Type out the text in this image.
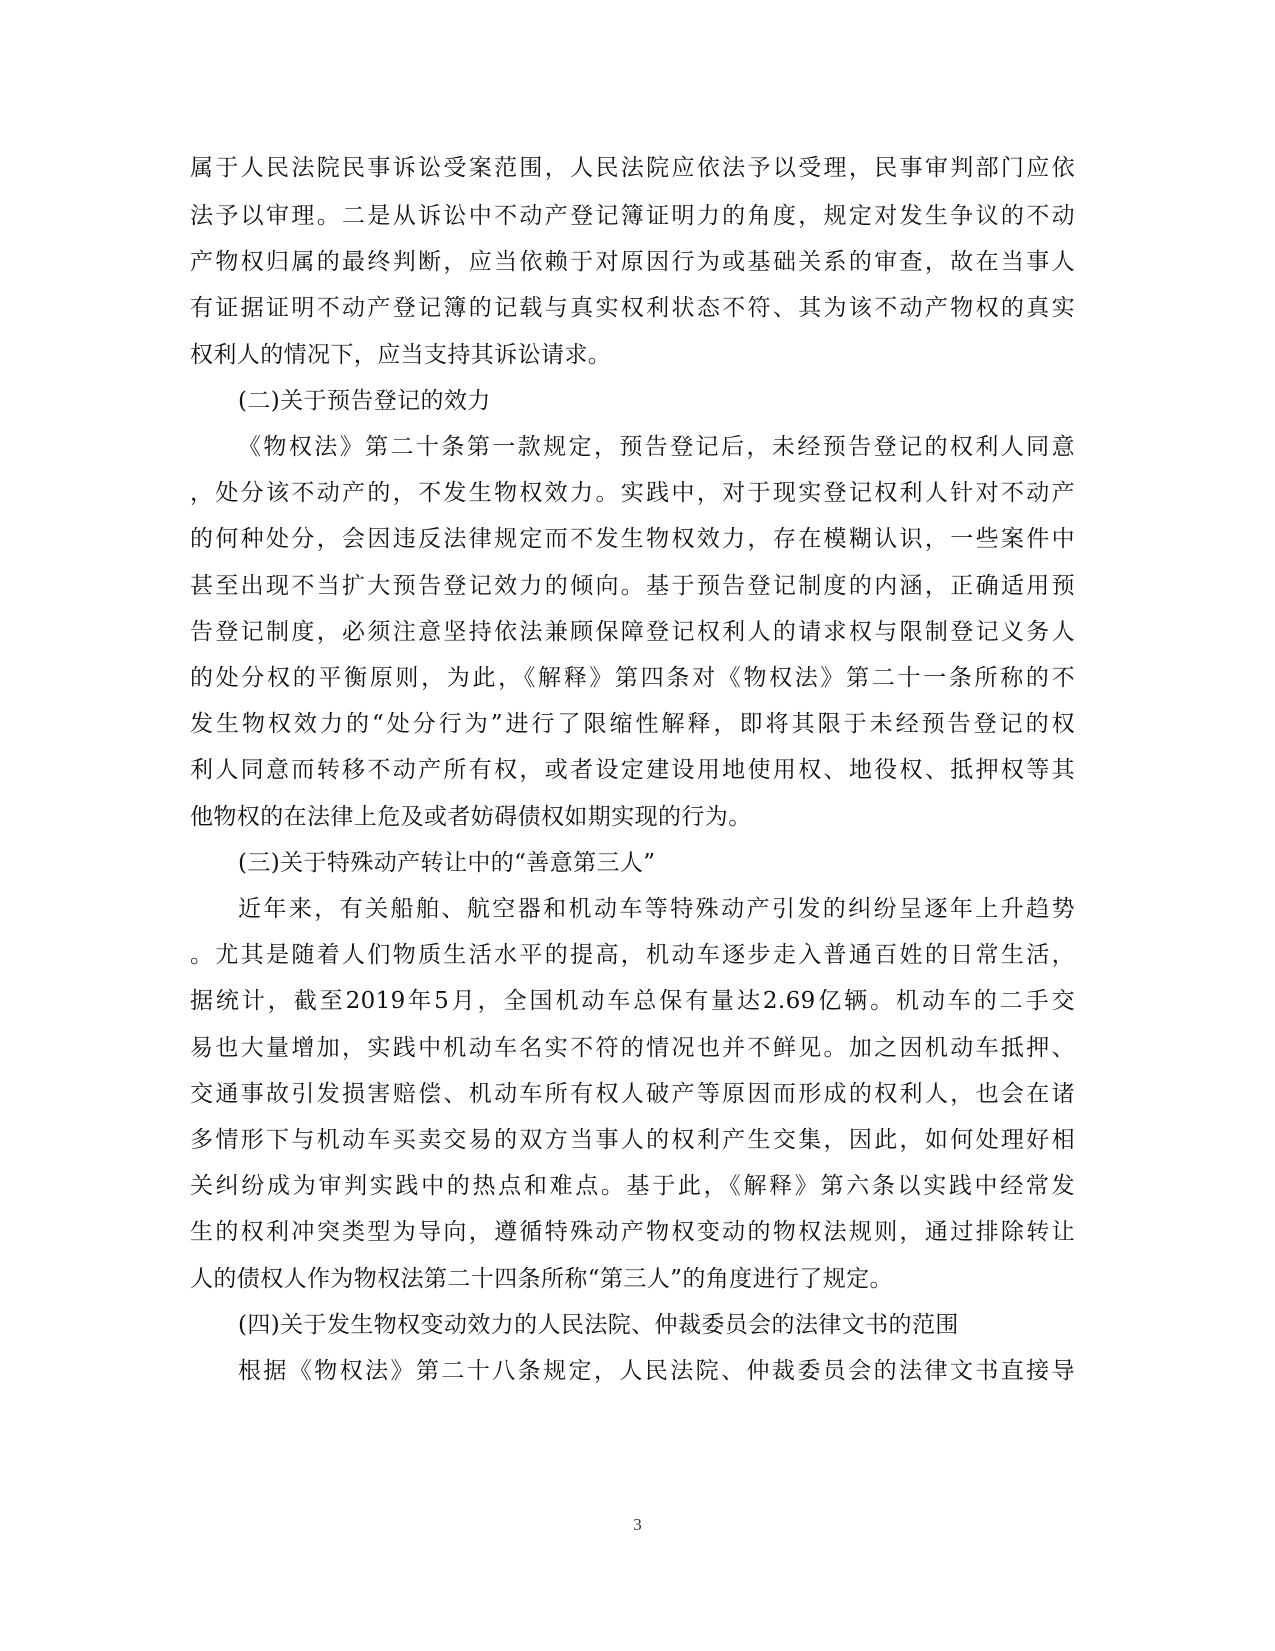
属于人民法院民事诉讼受案范围，人民法院应依法予以受理，民事审判部门应依
法予以审理。二是从诉讼中不动产登记簿证明力的角度，规定对发生争议的不动
产物权归属的最终判断，应当依赖于对原因行为或基础关系的审查，故在当事人
有证据证明不动产登记簿的记载与真实权利状态不符、其为该不动产物权的真实
权利人的情况下，应当支持其诉讼请求。
(二)关于预告登记的效力
《物权法》第二十条第一款规定，预告登记后，未经预告登记的权利人同意
，处分该不动产的，不发生物权效力。实践中，对于现实登记权利人针对不动产
的何种处分，会因违反法律规定而不发生物权效力，存在模糊认识，一些案件中
甚至出现不当扩大预告登记效力的倾向。基于预告登记制度的内涵，正确适用预
告登记制度，必须注意坚持依法兼顾保障登记权利人的请求权与限制登记义务人
的处分权的平衡原则，为此，《解释》第四条对《物权法》第二十一条所称的不
发生物权效力的“处分行为”进行了限缩性解释，即将其限于未经预告登记的权
利人同意而转移不动产所有权，或者设定建设用地使用权、地役权、抵押权等其
他物权的在法律上危及或者妨碍债权如期实现的行为。
(三)关于特殊动产转让中的“善意第三人”
近年来，有关船舶、航空器和机动车等特殊动产引发的纠纷呈逐年上升趋势
。尤其是随着人们物质生活水平的提高，机动车逐步走入普通百姓的日常生活，
据统计，截至2019年5月，全国机动车总保有量达2.69亿辆。机动车的二手交
易也大量增加，实践中机动车名实不符的情况也并不鲜见。加之因机动车抵押、
交通事故引发损害赔偿、机动车所有权人破产等原因而形成的权利人，也会在诸
多情形下与机动车买卖交易的双方当事人的权利产生交集，因此，如何处理好相
关纠纷成为审判实践中的热点和难点。基于此，《解释》第六条以实践中经常发
生的权利冲突类型为导向，遵循特殊动产物权变动的物权法规则，通过排除转让
人的债权人作为物权法第二十四条所称“第三人”的角度进行了规定。
(四)关于发生物权变动效力的人民法院、仲裁委员会的法律文书的范围
根据《物权法》第二十八条规定，人民法院、仲裁委员会的法律文书直接导
3
